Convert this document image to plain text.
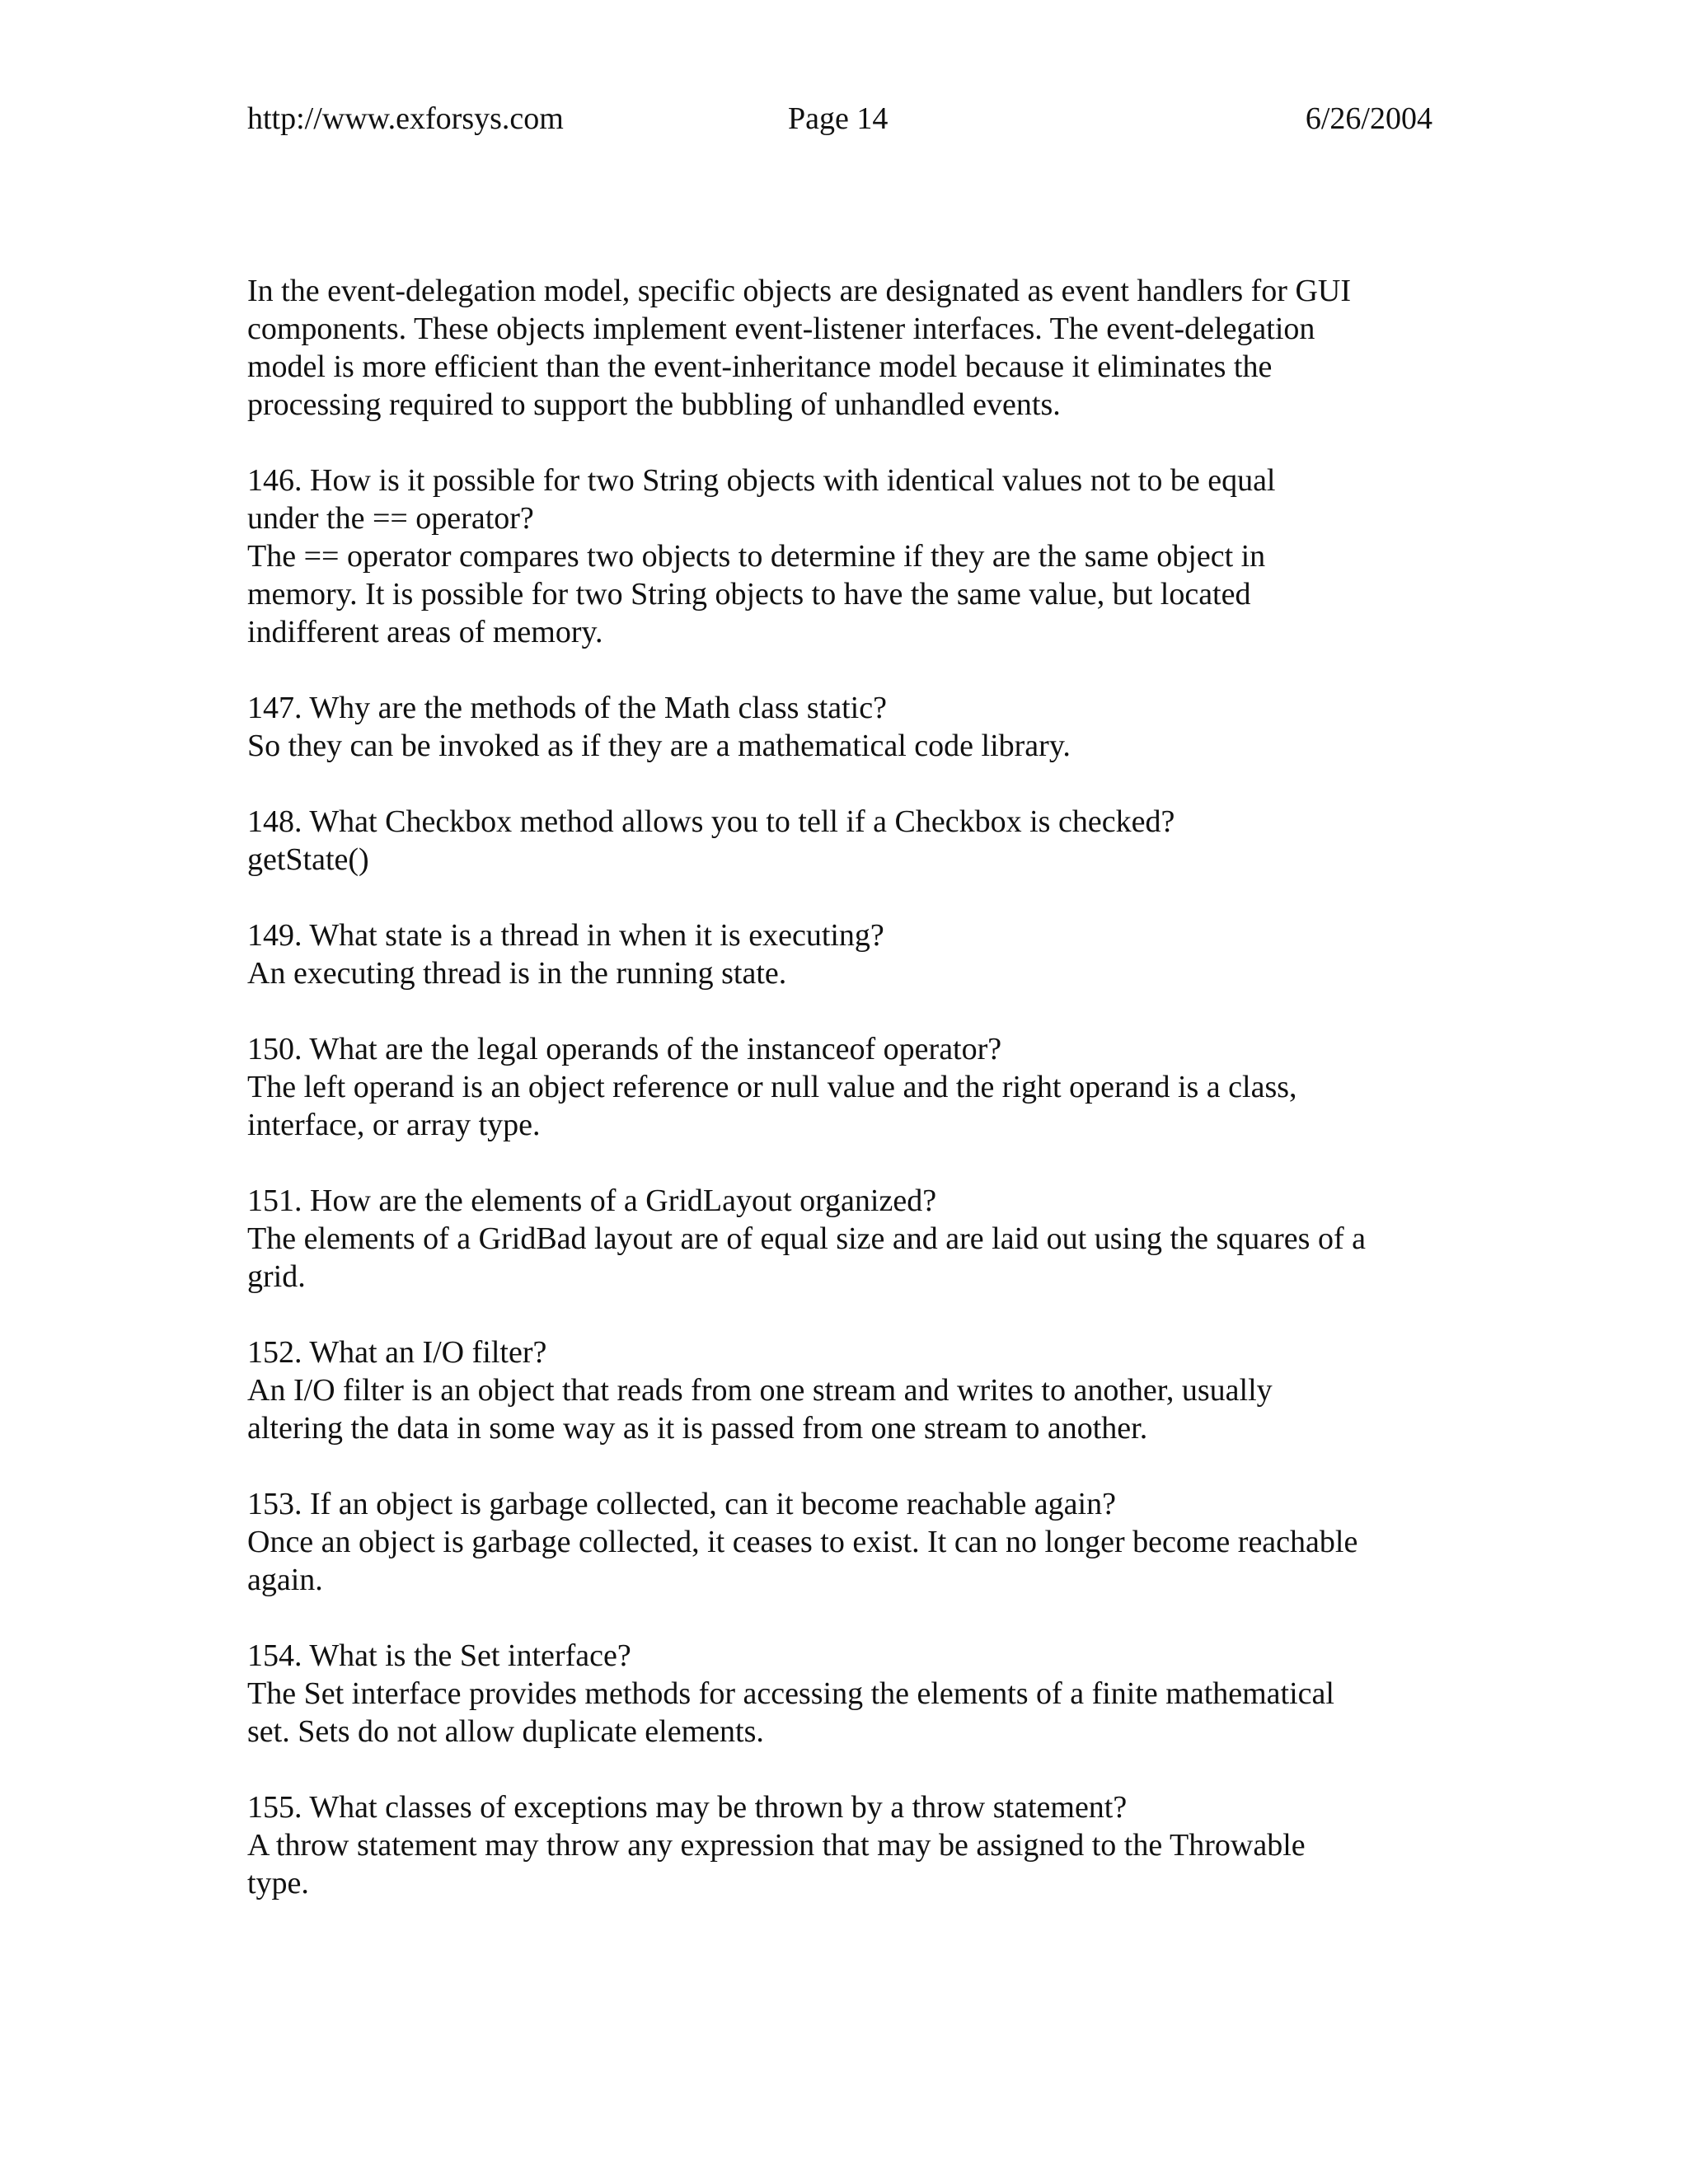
http://www.exforsys.com	Page 14	6/26/2004

In the event-delegation model, specific objects are designated as event handlers for GUI
components. These objects implement event-listener interfaces. The event-delegation
model is more efficient than the event-inheritance model because it eliminates the
processing required to support the bubbling of unhandled events.

146. How is it possible for two String objects with identical values not to be equal
under the == operator?
The == operator compares two objects to determine if they are the same object in
memory. It is possible for two String objects to have the same value, but located
indifferent areas of memory.

147. Why are the methods of the Math class static?
So they can be invoked as if they are a mathematical code library.

148. What Checkbox method allows you to tell if a Checkbox is checked?
getState()

149. What state is a thread in when it is executing?
An executing thread is in the running state.

150. What are the legal operands of the instanceof operator?
The left operand is an object reference or null value and the right operand is a class,
interface, or array type.

151. How are the elements of a GridLayout organized?
The elements of a GridBad layout are of equal size and are laid out using the squares of a
grid.

152. What an I/O filter?
An I/O filter is an object that reads from one stream and writes to another, usually
altering the data in some way as it is passed from one stream to another.

153. If an object is garbage collected, can it become reachable again?
Once an object is garbage collected, it ceases to exist. It can no longer become reachable
again.

154. What is the Set interface?
The Set interface provides methods for accessing the elements of a finite mathematical
set. Sets do not allow duplicate elements.

155. What classes of exceptions may be thrown by a throw statement?
A throw statement may throw any expression that may be assigned to the Throwable
type.
